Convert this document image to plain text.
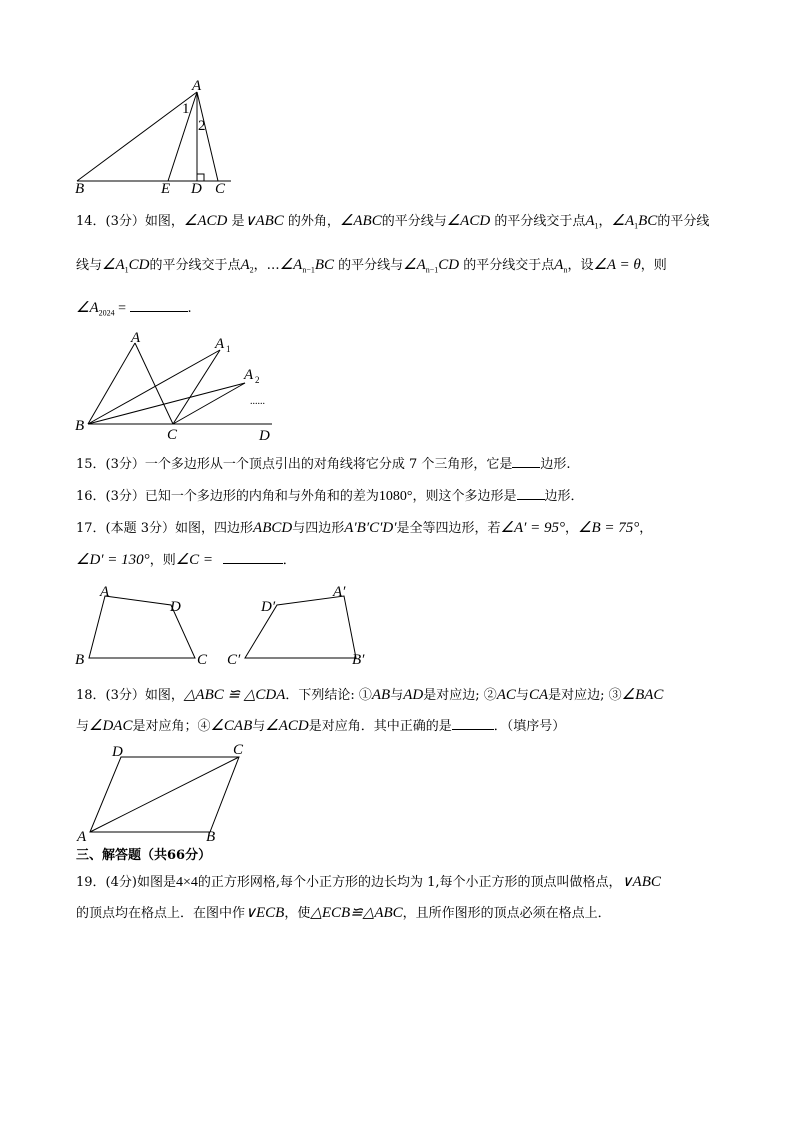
A
B	E D C
1
2
14．(3分）如图，∠ACD 是∨ABC 的外角，∠ABC的平分线与∠ACD 的平分线交于点$A_1$，$\angle A_1BC$的平分线
线与$\angle A_1CD$的平分线交于点$A_2$，$\dots\angle A_{n-1}BC$ 的平分线与$\angle A_{n-1}CD$ 的平分线交于点$A_n$，设∠A = θ，则
$\angle A_{2024}$ =	.
A	A 1
A 2
......
B
C	D
15．(3分）一个多边形从一个顶点引出的对角线将它分成 7 个三角形，它是 边形.
16．(3分）已知一个多边形的内角和与外角和的差为1080°，则这个多边形是 边形．
17．(本题 3分）如图，四边形ABCD与四边形A′B′C′D′是全等四边形，若∠A′ = 95°，∠B = 75°，
∠D′ = 130°，则∠C =	．
A
D
B	C
D′
A′
C′	B′
18．(3分）如图，△ABC ≌ △CDA．下列结论: ①AB与AD是对应边; ②AC与CA是对应边; ③∠BAC
与∠DAC是对应角；④∠CAB与∠ACD是对应角．其中正确的是	．（填序号）
D	C
A	B
三、解答题（共66分）
19．(4分)如图是4×4的正方形网格,每个小正方形的边长均为 1,每个小正方形的顶点叫做格点，∨ABC
的顶点均在格点上．在图中作∨ECB，使△ECB≌△ABC，且所作图形的顶点必须在格点上．
